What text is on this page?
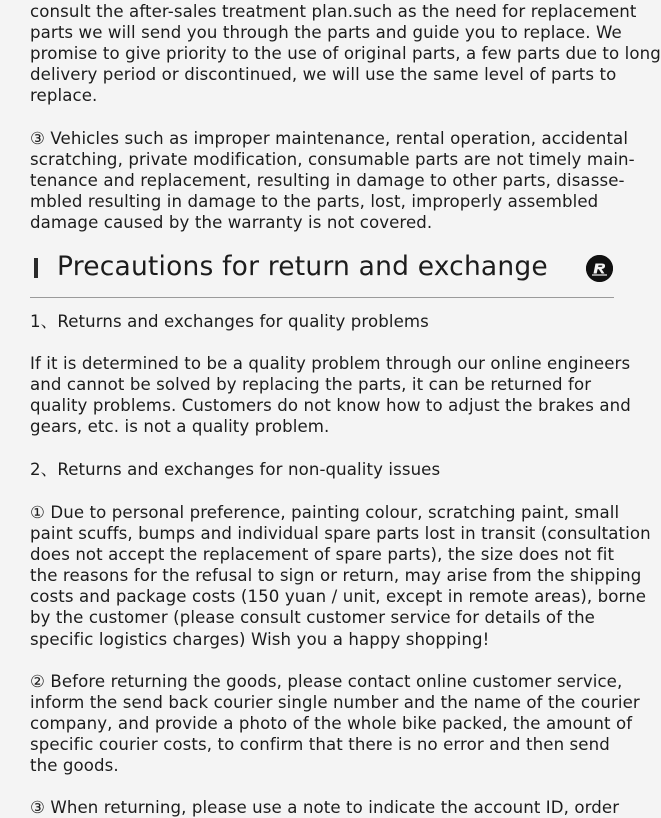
consult the after-sales treatment plan.such as the need for replacement
parts we will send you through the parts and guide you to replace. We
promise to give priority to the use of original parts, a few parts due to long
delivery period or discontinued, we will use the same level of parts to
replace.

③ Vehicles such as improper maintenance, rental operation, accidental
scratching, private modification, consumable parts are not timely main-
tenance and replacement, resulting in damage to other parts, disasse-
mbled resulting in damage to the parts, lost, improperly assembled
damage caused by the warranty is not covered.

Precautions for return and exchange

1、Returns and exchanges for quality problems

If it is determined to be a quality problem through our online engineers
and cannot be solved by replacing the parts, it can be returned for
quality problems. Customers do not know how to adjust the brakes and
gears, etc. is not a quality problem.

2、Returns and exchanges for non-quality issues

① Due to personal preference, painting colour, scratching paint, small
paint scuffs, bumps and individual spare parts lost in transit (consultation
does not accept the replacement of spare parts), the size does not fit
the reasons for the refusal to sign or return, may arise from the shipping
costs and package costs (150 yuan / unit, except in remote areas), borne
by the customer (please consult customer service for details of the
specific logistics charges) Wish you a happy shopping!

② Before returning the goods, please contact online customer service,
inform the send back courier single number and the name of the courier
company, and provide a photo of the whole bike packed, the amount of
specific courier costs, to confirm that there is no error and then send
the goods.

③ When returning, please use a note to indicate the account ID, order
